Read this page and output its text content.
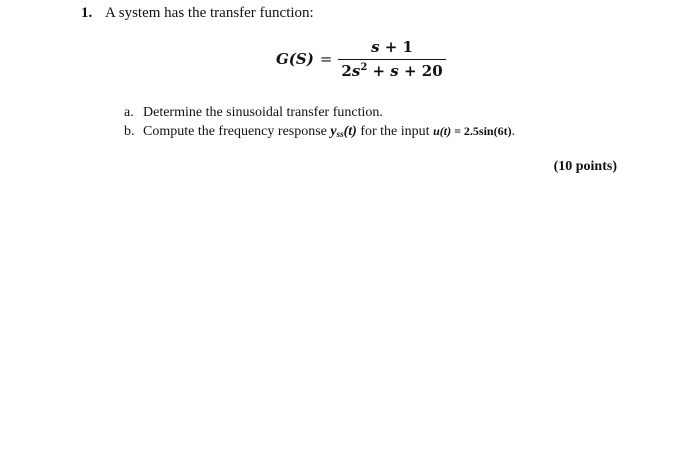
1. A system has the transfer function:
$G(S) = \frac{s + 1}{2s^2 + s + 20}$
a. Determine the sinusoidal transfer function.
b. Compute the frequency response $y_{ss}(t)$ for the input u(t) = 2.5sin(6t).
(10 points)
